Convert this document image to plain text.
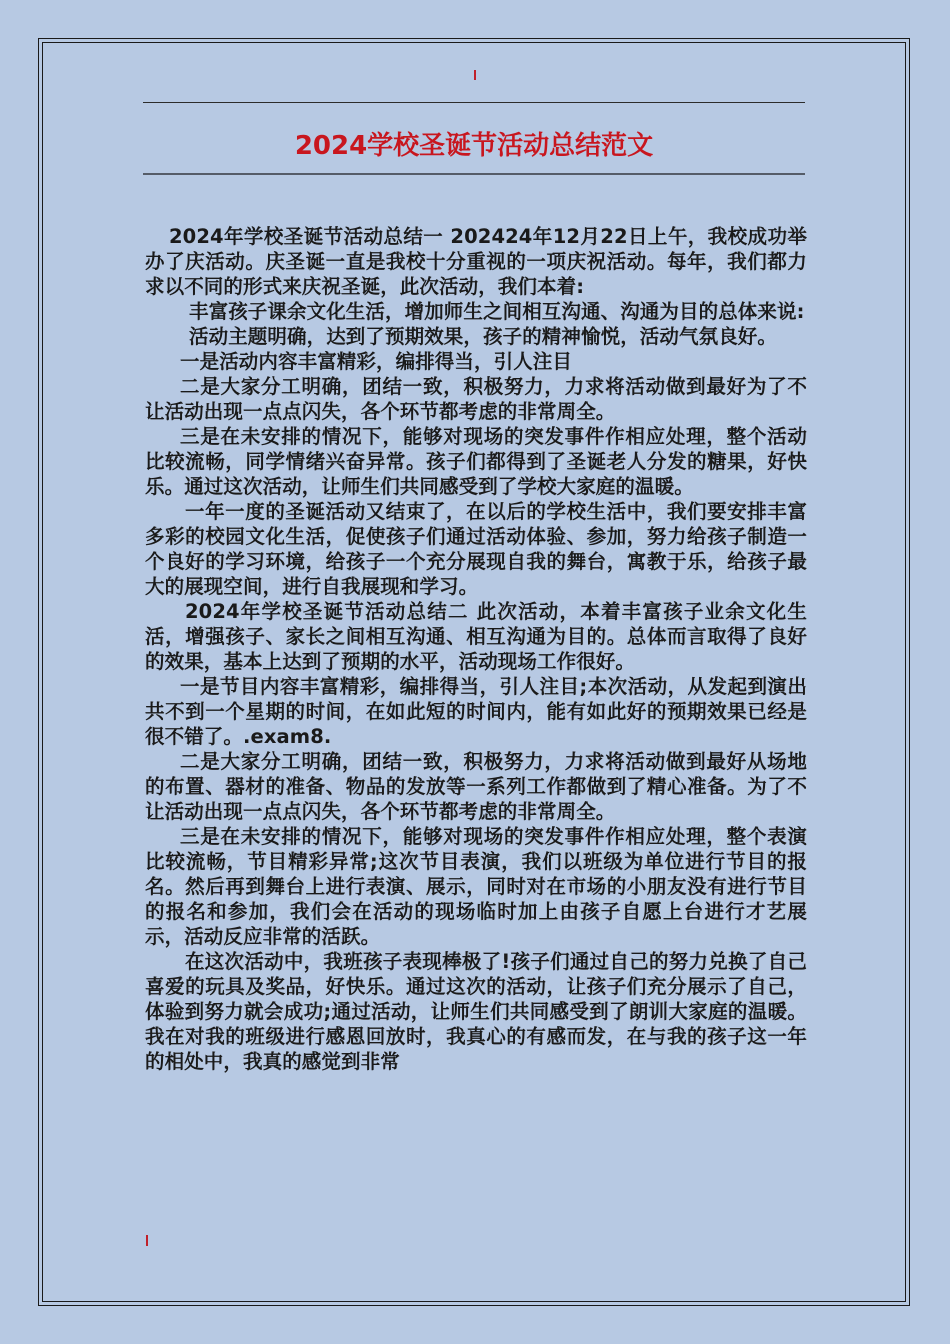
2024学校圣诞节活动总结范文

2024年学校圣诞节活动总结一 202424年12月22日上午，我校成功举办了庆活动。庆圣诞一直是我校十分重视的一项庆祝活动。每年，我们都力求以不同的形式来庆祝圣诞，此次活动，我们本着:

丰富孩子课余文化生活，增加师生之间相互沟通、沟通为目的总体来说:

活动主题明确，达到了预期效果，孩子的精神愉悦，活动气氛良好。

一是活动内容丰富精彩，编排得当，引人注目

二是大家分工明确，团结一致，积极努力，力求将活动做到最好为了不让活动出现一点点闪失，各个环节都考虑的非常周全。

三是在未安排的情况下，能够对现场的突发事件作相应处理，整个活动比较流畅，同学情绪兴奋异常。孩子们都得到了圣诞老人分发的糖果，好快乐。通过这次活动，让师生们共同感受到了学校大家庭的温暖。

一年一度的圣诞活动又结束了，在以后的学校生活中，我们要安排丰富多彩的校园文化生活，促使孩子们通过活动体验、参加，努力给孩子制造一个良好的学习环境，给孩子一个充分展现自我的舞台，寓教于乐，给孩子最大的展现空间，进行自我展现和学习。

2024年学校圣诞节活动总结二 此次活动，本着丰富孩子业余文化生活，增强孩子、家长之间相互沟通、相互沟通为目的。总体而言取得了良好的效果，基本上达到了预期的水平，活动现场工作很好。

一是节目内容丰富精彩，编排得当，引人注目;本次活动，从发起到演出共不到一个星期的时间，在如此短的时间内，能有如此好的预期效果已经是很不错了。.exam8.

二是大家分工明确，团结一致，积极努力，力求将活动做到最好从场地的布置、器材的准备、物品的发放等一系列工作都做到了精心准备。为了不让活动出现一点点闪失，各个环节都考虑的非常周全。

三是在未安排的情况下，能够对现场的突发事件作相应处理，整个表演比较流畅，节目精彩异常;这次节目表演，我们以班级为单位进行节目的报名。然后再到舞台上进行表演、展示，同时对在市场的小朋友没有进行节目的报名和参加，我们会在活动的现场临时加上由孩子自愿上台进行才艺展示，活动反应非常的活跃。

在这次活动中，我班孩子表现棒极了!孩子们通过自己的努力兑换了自己喜爱的玩具及奖品，好快乐。通过这次的活动，让孩子们充分展示了自己，体验到努力就会成功;通过活动，让师生们共同感受到了朗训大家庭的温暖。我在对我的班级进行感恩回放时，我真心的有感而发，在与我的孩子这一年的相处中，我真的感觉到非常
